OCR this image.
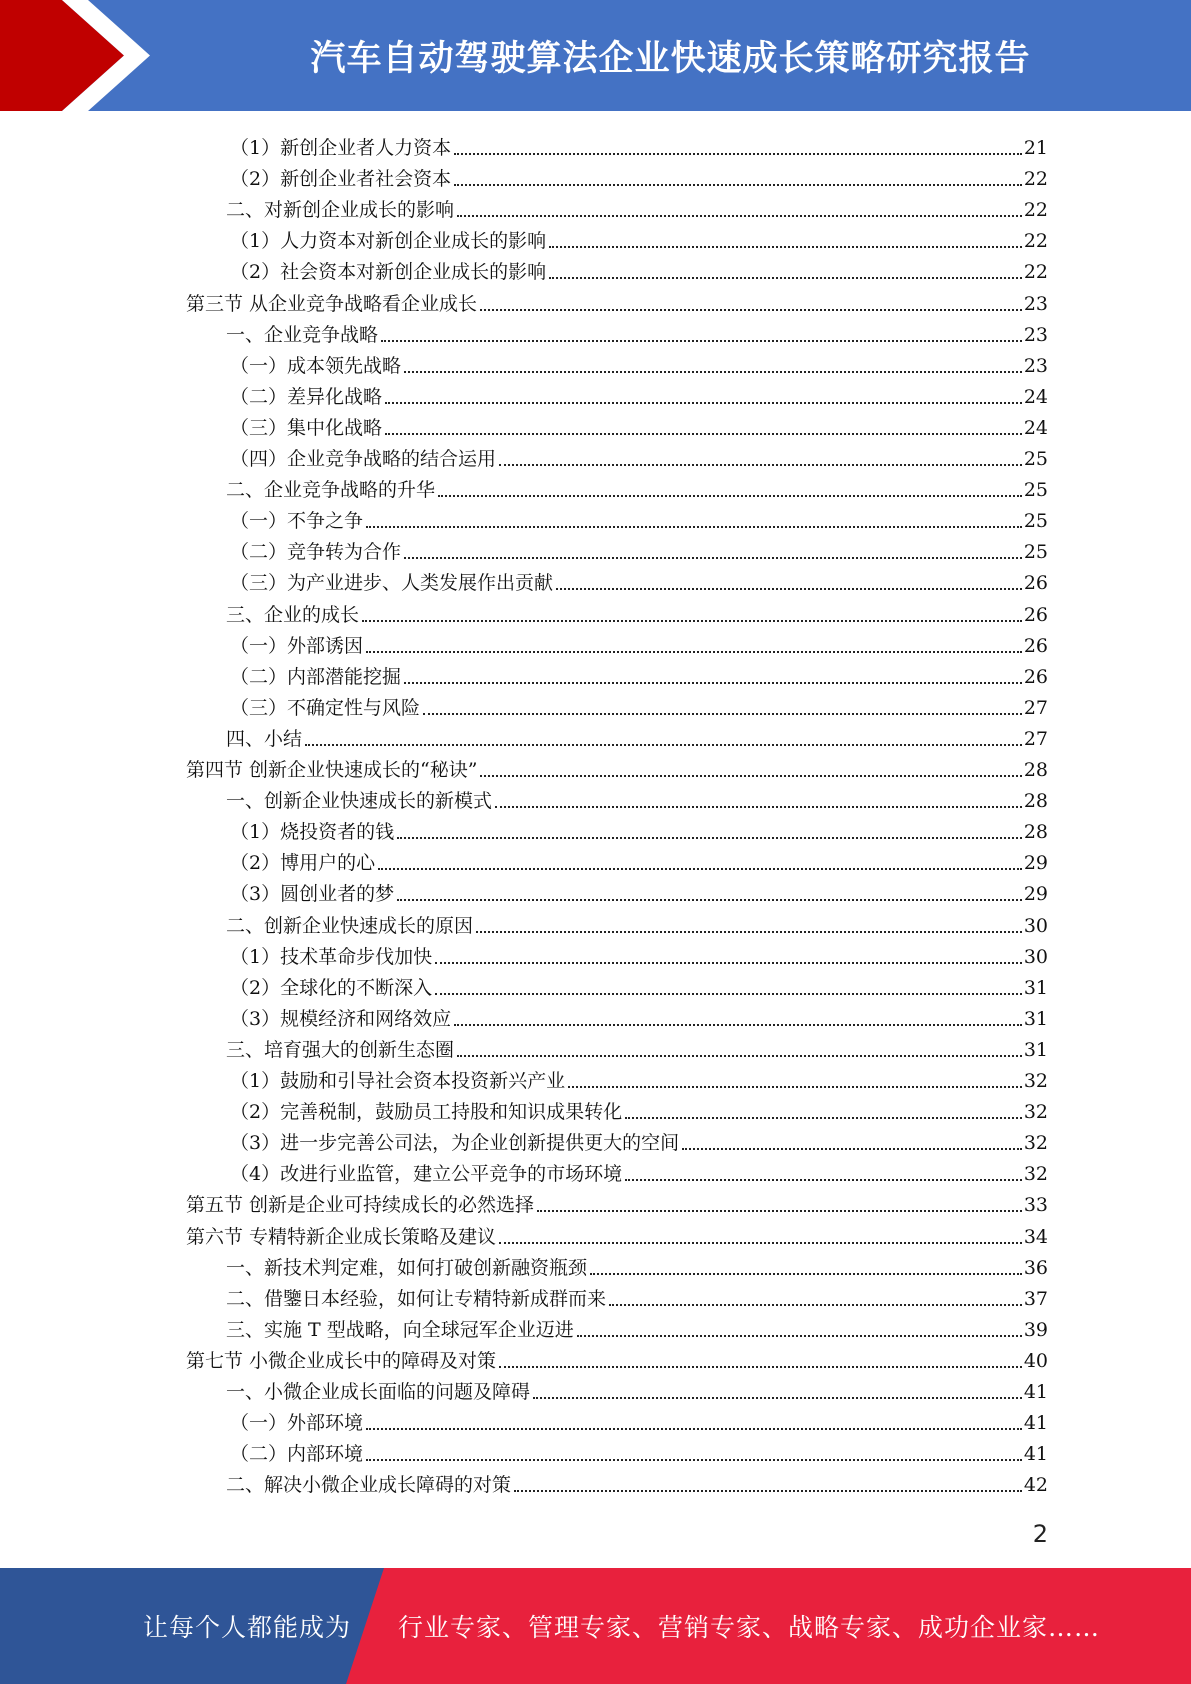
汽车自动驾驶算法企业快速成长策略研究报告
（1）新创企业者人力资本	21
（2）新创企业者社会资本	22
二、对新创企业成长的影响	22
（1）人力资本对新创企业成长的影响	22
（2）社会资本对新创企业成长的影响	22
第三节 从企业竞争战略看企业成长	23
一、企业竞争战略	23
（一）成本领先战略	23
（二）差异化战略	24
（三）集中化战略	24
（四）企业竞争战略的结合运用	25
二、企业竞争战略的升华	25
（一）不争之争	25
（二）竞争转为合作	25
（三）为产业进步、人类发展作出贡献	26
三、企业的成长	26
（一）外部诱因	26
（二）内部潜能挖掘	26
（三）不确定性与风险	27
四、小结	27
第四节 创新企业快速成长的“秘诀”	28
一、创新企业快速成长的新模式	28
（1）烧投资者的钱	28
（2）博用户的心	29
（3）圆创业者的梦	29
二、创新企业快速成长的原因	30
（1）技术革命步伐加快	30
（2）全球化的不断深入	31
（3）规模经济和网络效应	31
三、培育强大的创新生态圈	31
（1）鼓励和引导社会资本投资新兴产业	32
（2）完善税制，鼓励员工持股和知识成果转化	32
（3）进一步完善公司法，为企业创新提供更大的空间	32
（4）改进行业监管，建立公平竞争的市场环境	32
第五节 创新是企业可持续成长的必然选择	33
第六节 专精特新企业成长策略及建议	34
一、新技术判定难，如何打破创新融资瓶颈	36
二、借鑒日本经验，如何让专精特新成群而来	37
三、实施 T 型战略，向全球冠军企业迈进	39
第七节 小微企业成长中的障碍及对策	40
一、小微企业成长面临的问题及障碍	41
（一）外部环境	41
（二）内部环境	41
二、解决小微企业成长障碍的对策	42
2
让每个人都能成为 行业专家、管理专家、营销专家、战略专家、成功企业家……
